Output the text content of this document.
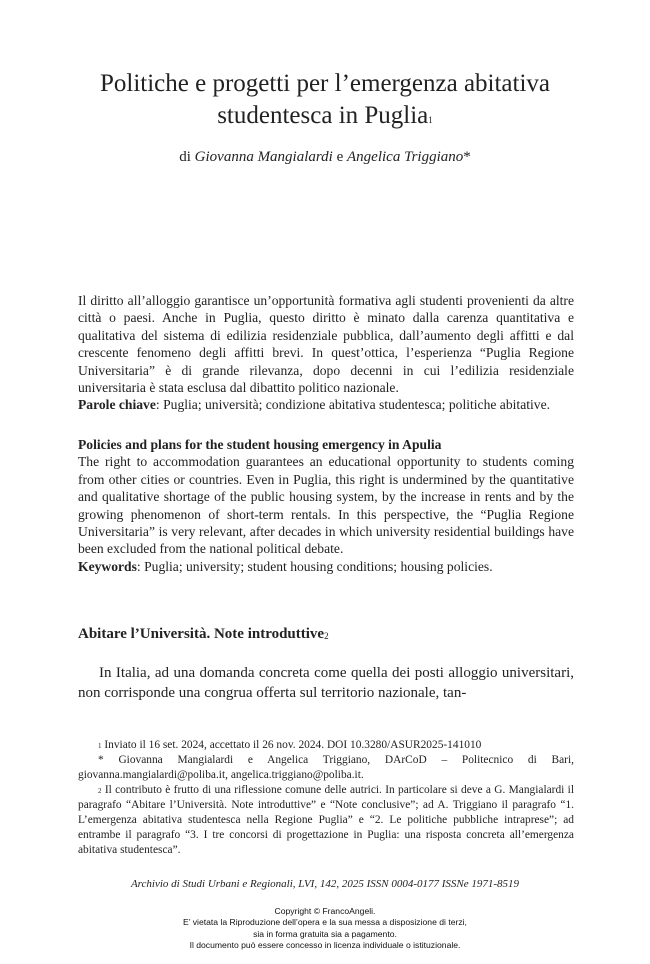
Politiche e progetti per l’emergenza abitativa
studentesca in Puglia$^1$
di Giovanna Mangialardi e Angelica Triggiano*
Il diritto all’alloggio garantisce un’opportunità formativa agli studenti provenienti da altre città o paesi. Anche in Puglia, questo diritto è minato dalla carenza quantitativa e qualitativa del sistema di edilizia residenziale pubblica, dall’aumento degli affitti e dal crescente fenomeno degli affitti brevi. In quest’ottica, l’esperienza “Puglia Regione Universitaria” è di grande rilevanza, dopo decenni in cui l’edilizia residenziale universitaria è stata esclusa dal dibattito politico nazionale.
Parole chiave: Puglia; università; condizione abitativa studentesca; politiche abitative.
Policies and plans for the student housing emergency in Apulia
The right to accommodation guarantees an educational opportunity to students coming from other cities or countries. Even in Puglia, this right is undermined by the quantitative and qualitative shortage of the public housing system, by the increase in rents and by the growing phenomenon of short-term rentals. In this perspective, the “Puglia Regione Universitaria” is very relevant, after decades in which university residential buildings have been excluded from the national political debate.
Keywords: Puglia; university; student housing conditions; housing policies.
Abitare l’Università. Note introduttive$^2$
In Italia, ad una domanda concreta come quella dei posti alloggio universitari, non corrisponde una congrua offerta sul territorio nazionale, tan-

$^1$ Inviato il 16 set. 2024, accettato il 26 nov. 2024. DOI 10.3280/ASUR2025-141010

* Giovanna Mangialardi e Angelica Triggiano, DArCoD – Politecnico di Bari, giovanna.mangialardi@poliba.it, angelica.triggiano@poliba.it.

$^2$ Il contributo è frutto di una riflessione comune delle autrici. In particolare si deve a G. Mangialardi il paragrafo “Abitare l’Università. Note introduttive” e “Note conclusive”; ad A. Triggiano il paragrafo “1. L’emergenza abitativa studentesca nella Regione Puglia” e “2. Le politiche pubbliche intraprese”; ad entrambe il paragrafo “3. I tre concorsi di progettazione in Puglia: una risposta concreta all’emergenza abitativa studentesca”.

Archivio di Studi Urbani e Regionali, LVI, 142, 2025 ISSN 0004-0177 ISSNe 1971-8519
Copyright © FrancoAngeli.
E’ vietata la Riproduzione dell’opera e la sua messa a disposizione di terzi,
sia in forma gratuita sia a pagamento.
Il documento può essere concesso in licenza individuale o istituzionale.
